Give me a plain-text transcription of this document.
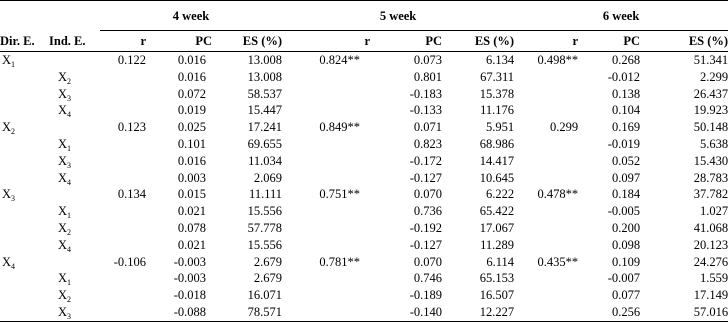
		4 week			5 week			6 week		
Dir. E.	Ind. E.	r	PC	ES (%)	r	PC	ES (%)	r	PC	ES (%)
$X_1$		0.122	0.016	13.008	0.824**	0.073	6.134	0.498**	0.268	51.341
	$X_2$		0.016	13.008		0.801	67.311		-0.012	2.299
	$X_3$		0.072	58.537		-0.183	15.378		0.138	26.437
	$X_4$		0.019	15.447		-0.133	11.176		0.104	19.923
$X_2$		0.123	0.025	17.241	0.849**	0.071	5.951	0.299	0.169	50.148
	$X_1$		0.101	69.655		0.823	68.986		-0.019	5.638
	$X_3$		0.016	11.034		-0.172	14.417		0.052	15.430
	$X_4$		0.003	2.069		-0.127	10.645		0.097	28.783
$X_3$		0.134	0.015	11.111	0.751**	0.070	6.222	0.478**	0.184	37.782
	$X_1$		0.021	15.556		0.736	65.422		-0.005	1.027
	$X_2$		0.078	57.778		-0.192	17.067		0.200	41.068
	$X_4$		0.021	15.556		-0.127	11.289		0.098	20.123
$X_4$		-0.106	-0.003	2.679	0.781**	0.070	6.114	0.435**	0.109	24.276
	$X_1$		-0.003	2.679		0.746	65.153		-0.007	1.559
	$X_2$		-0.018	16.071		-0.189	16.507		0.077	17.149
	$X_3$		-0.088	78.571		-0.140	12.227		0.256	57.016
